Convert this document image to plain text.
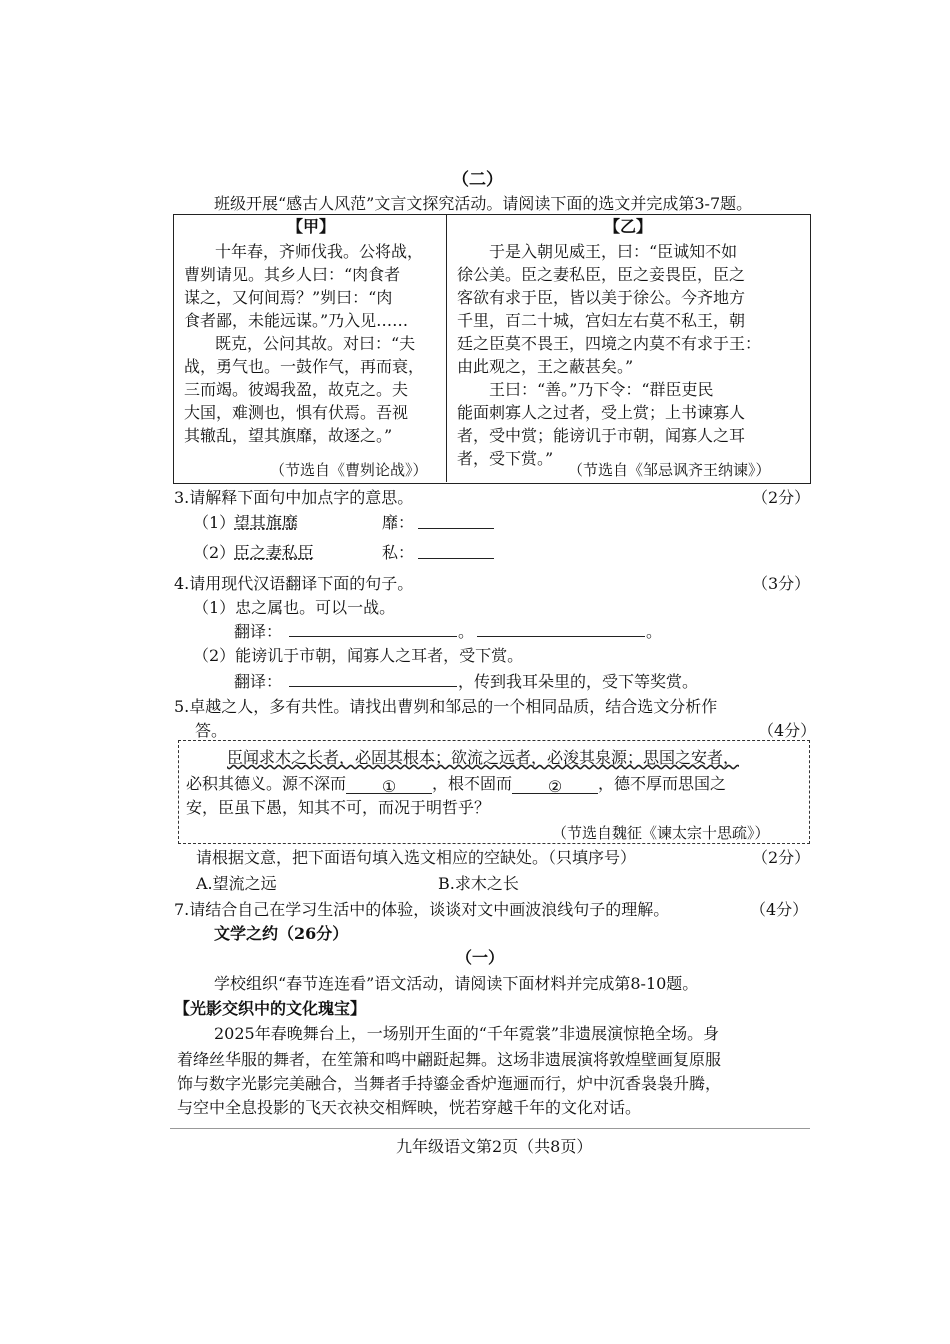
（二）
班级开展“感古人风范”文言文探究活动。请阅读下面的选文并完成第3-7题。
【甲】
十年春，齐师伐我。公将战，
曹刿请见。其乡人曰：“肉食者
谋之，又何间焉？”刿曰：“肉
食者鄙，未能远谋。”乃入见……
既克，公问其故。对曰：“夫
战，勇气也。一鼓作气，再而衰，
三而竭。彼竭我盈，故克之。夫
大国，难测也，惧有伏焉。吾视
其辙乱，望其旗靡，故逐之。”
（节选自《曹刿论战》）
【乙】
于是入朝见威王，曰：“臣诚知不如
徐公美。臣之妻私臣，臣之妾畏臣，臣之
客欲有求于臣，皆以美于徐公。今齐地方
千里，百二十城，宫妇左右莫不私王，朝
廷之臣莫不畏王，四境之内莫不有求于王：
由此观之，王之蔽甚矣。”
王曰：“善。”乃下令：“群臣吏民
能面刺寡人之过者，受上赏；上书谏寡人
者，受中赏；能谤讥于市朝，闻寡人之耳
者，受下赏。”
（节选自《邹忌讽齐王纳谏》）
3.请解释下面句中加点字的意思。	（2分）
（1）
望其旗靡	靡：
（2）
臣之妻私臣	私：
4.请用现代汉语翻译下面的句子。	（3分）
（1）忠之属也。可以一战。
翻译：	。	。
（2）能谤讥于市朝，闻寡人之耳者，受下赏。
翻译：	，传到我耳朵里的，受下等奖赏。
5.卓越之人，多有共性。请找出曹刿和邹忌的一个相同品质，结合选文分析作
答。	（4分）
臣闻求木之长者，必固其根本；欲流之远者，必浚其泉源；思国之安者，
必积其德义。源不深而 ① ，根不固而 ② ，德不厚而思国之
安，臣虽下愚，知其不可，而况于明哲乎？
（节选自魏征《谏太宗十思疏》）
请根据文意，把下面语句填入选文相应的空缺处。（只填序号）	（2分）
A.望流之远	B.求木之长
7.请结合自己在学习生活中的体验，谈谈对文中画波浪线句子的理解。	（4分）
文学之约（26分）
（一）
学校组织“春节连连看”语文活动，请阅读下面材料并完成第8-10题。
【光影交织中的文化瑰宝】
2025年春晚舞台上，一场别开生面的“千年霓裳”非遗展演惊艳全场。身
着绛丝华服的舞者，在笙箫和鸣中翩跹起舞。这场非遗展演将敦煌壁画复原服
饰与数字光影完美融合，当舞者手持鎏金香炉迤逦而行，炉中沉香袅袅升腾，
与空中全息投影的飞天衣袂交相辉映，恍若穿越千年的文化对话。
九年级语文第2页（共8页）
